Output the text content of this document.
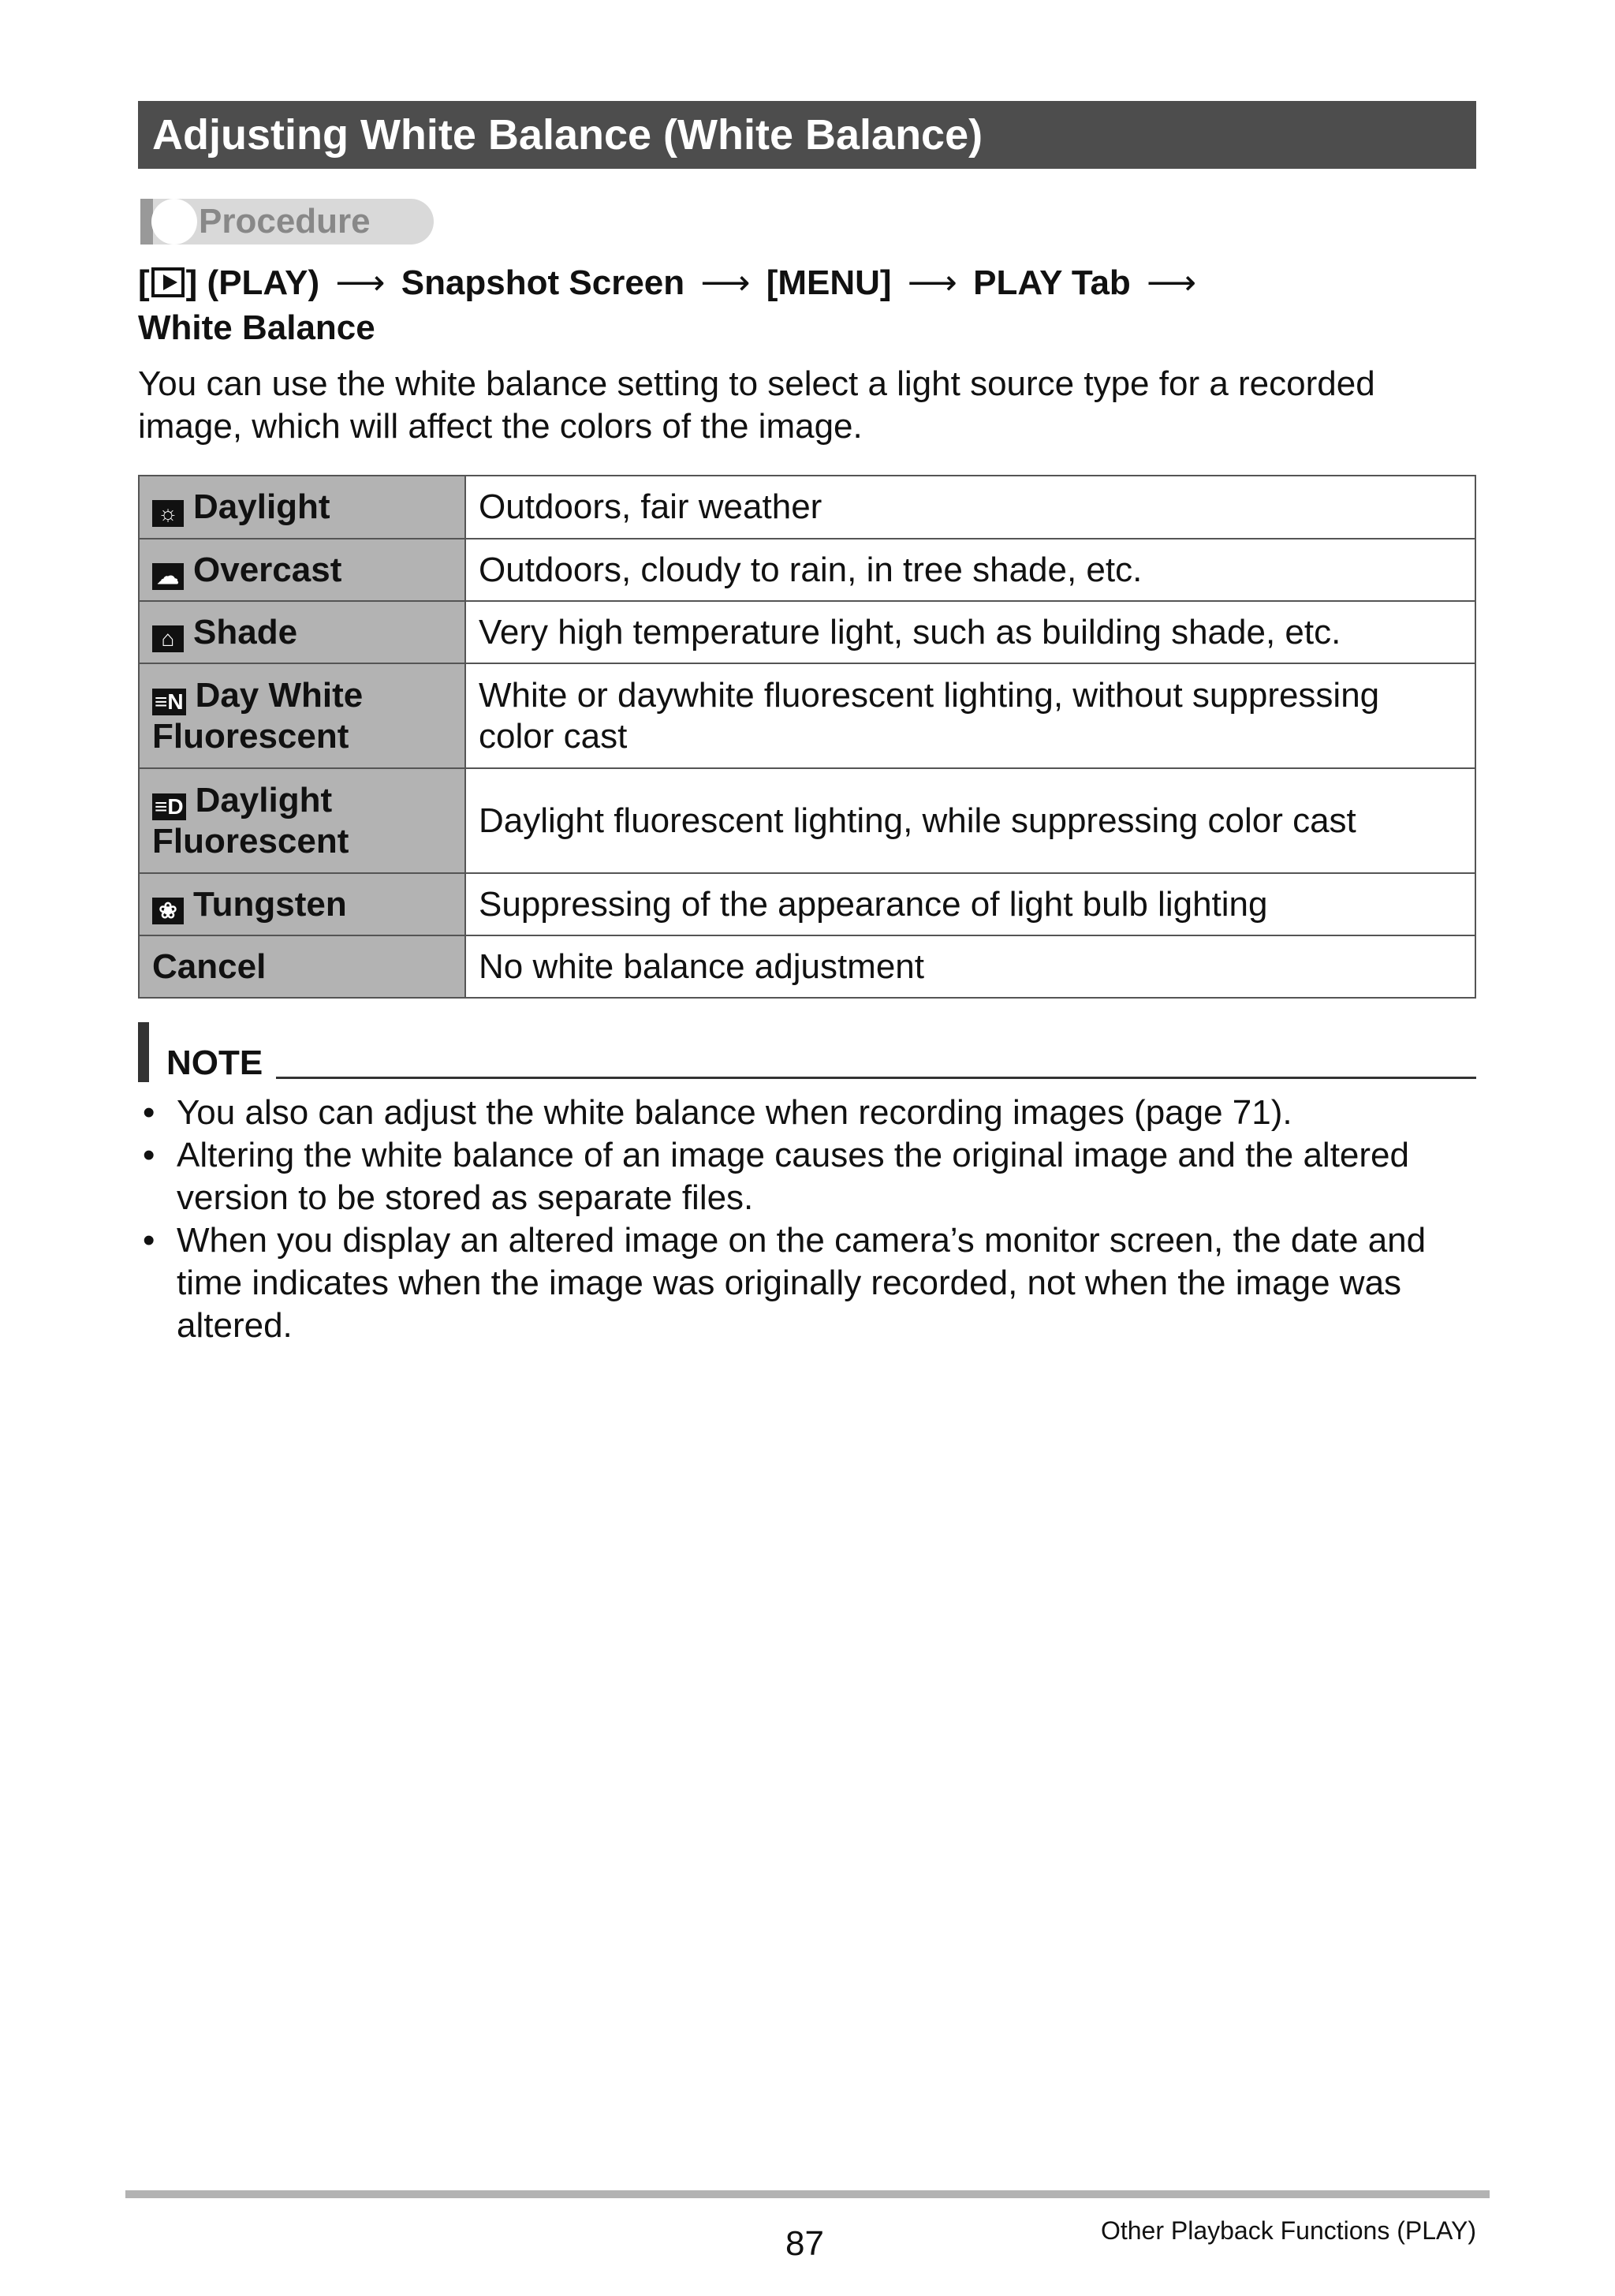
Adjusting White Balance (White Balance)
Procedure
[ ] (PLAY) ⟶ Snapshot Screen ⟶ [MENU] ⟶ PLAY Tab ⟶
White Balance
You can use the white balance setting to select a light source type for a recorded image, which will affect the colors of the image.
☼ Daylight	Outdoors, fair weather
☁ Overcast	Outdoors, cloudy to rain, in tree shade, etc.
⌂ Shade	Very high temperature light, such as building shade, etc.
≡N Day White Fluorescent	White or daywhite fluorescent lighting, without suppressing color cast
≡D Daylight Fluorescent	Daylight fluorescent lighting, while suppressing color cast
❀ Tungsten	Suppressing of the appearance of light bulb lighting
Cancel	No white balance adjustment
NOTE
• You also can adjust the white balance when recording images (page 71).
• Altering the white balance of an image causes the original image and the altered version to be stored as separate files.
• When you display an altered image on the camera’s monitor screen, the date and time indicates when the image was originally recorded, not when the image was altered.
87	Other Playback Functions (PLAY)
